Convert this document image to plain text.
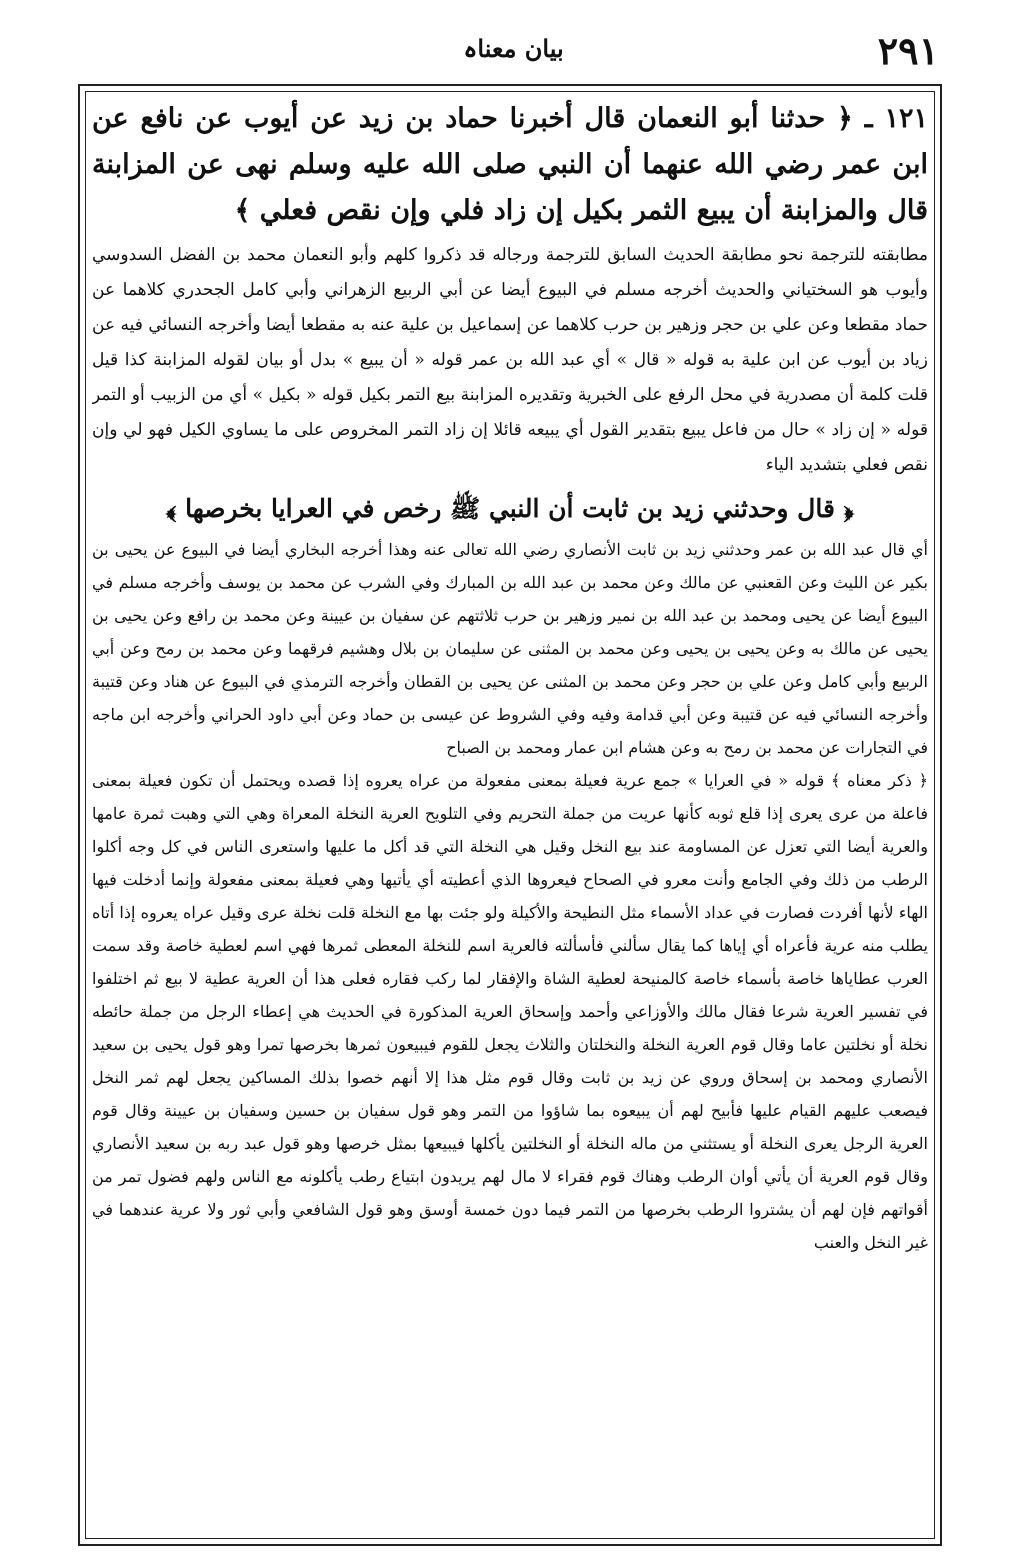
۲۹۱
بیان معناہ

۱۲۱ ـ ﴿ حدثنا أبو النعمان قال أخبرنا حماد بن زيد عن أيوب عن نافع عن ابن عمر رضي الله عنهما أن النبي صلى الله عليه وسلم نهى عن المزابنة قال والمزابنة أن يبيع الثمر بكيل إن زاد فلي وإن نقص فعلي ﴾

مطابقته للترجمة نحو مطابقة الحديث السابق للترجمة ورجاله قد ذكروا كلهم وأبو النعمان محمد بن الفضل السدوسي وأيوب هو السختياني والحديث أخرجه مسلم في البيوع أيضا عن أبي الربيع الزهراني وأبي كامل الجحدري كلاهما عن حماد مقطعا وعن علي بن حجر وزهير بن حرب كلاهما عن إسماعيل بن علية عنه به مقطعا أيضا وأخرجه النسائي فيه عن زياد بن أيوب عن ابن علية به قوله « قال » أي عبد الله بن عمر قوله « أن يبيع » بدل أو بيان لقوله المزابنة كذا قيل قلت كلمة أن مصدرية في محل الرفع على الخبرية وتقديره المزابنة بيع التمر بكيل قوله « بكيل » أي من الزبيب أو التمر قوله « إن زاد » حال من فاعل يبيع بتقدير القول أي يبيعه قائلا إن زاد التمر المخروص على ما يساوي الكيل فهو لي وإن نقص فعلي بتشديد الياء

﴿ قال وحدثني زيد بن ثابت أن النبي ﷺ رخص في العرايا بخرصها ﴾

أي قال عبد الله بن عمر وحدثني زيد بن ثابت الأنصاري رضي الله تعالى عنه وهذا أخرجه البخاري أيضا في البيوع عن يحيى بن بكير عن الليث وعن القعنبي عن مالك وعن محمد بن عبد الله بن المبارك وفي الشرب عن محمد بن يوسف وأخرجه مسلم في البيوع أيضا عن يحيى ومحمد بن عبد الله بن نمير وزهير بن حرب ثلاثتهم عن سفيان بن عيينة وعن محمد بن رافع وعن يحيى بن يحيى عن مالك به وعن يحيى بن يحيى وعن محمد بن المثنى عن سليمان بن بلال وهشيم فرقهما وعن محمد بن رمح وعن أبي الربيع وأبي كامل وعن علي بن حجر وعن محمد بن المثنى عن يحيى بن القطان وأخرجه الترمذي في البيوع عن هناد وعن قتيبة وأخرجه النسائي فيه عن قتيبة وعن أبي قدامة وفيه وفي الشروط عن عيسى بن حماد وعن أبي داود الحراني وأخرجه ابن ماجه في التجارات عن محمد بن رمح به وعن هشام ابن عمار ومحمد بن الصباح

﴿ ذكر معناه ﴾ قوله « في العرايا » جمع عرية فعيلة بمعنى مفعولة من عراه يعروه إذا قصده ويحتمل أن تكون فعيلة بمعنى فاعلة من عرى يعرى إذا قلع ثوبه كأنها عريت من جملة التحريم وفي التلويح العرية النخلة المعراة وهي التي وهبت ثمرة عامها والعرية أيضا التي تعزل عن المساومة عند بيع النخل وقيل هي النخلة التي قد أكل ما عليها واستعرى الناس في كل وجه أكلوا الرطب من ذلك وفي الجامع وأنت معرو في الصحاح فيعروها الذي أعطيته أي يأتيها وهي فعيلة بمعنى مفعولة وإنما أدخلت فيها الهاء لأنها أفردت فصارت في عداد الأسماء مثل النطيحة والأكيلة ولو جئت بها مع النخلة قلت نخلة عرى وقيل عراه يعروه إذا أتاه يطلب منه عرية فأعراه أي إياها كما يقال سألني فأسألته فالعرية اسم للنخلة المعطى ثمرها فهي اسم لعطية خاصة وقد سمت العرب عطاياها خاصة بأسماء خاصة كالمنيحة لعطية الشاة والإفقار لما ركب فقاره فعلى هذا أن العرية عطية لا بيع ثم اختلفوا في تفسير العرية شرعا فقال مالك والأوزاعي وأحمد وإسحاق العرية المذكورة في الحديث هي إعطاء الرجل من جملة حائطه نخلة أو نخلتين عاما وقال قوم العرية النخلة والنخلتان والثلاث يجعل للقوم فيبيعون ثمرها بخرصها تمرا وهو قول يحيى بن سعيد الأنصاري ومحمد بن إسحاق وروي عن زيد بن ثابت وقال قوم مثل هذا إلا أنهم خصوا بذلك المساكين يجعل لهم ثمر النخل فيصعب عليهم القيام عليها فأبيح لهم أن يبيعوه بما شاؤوا من التمر وهو قول سفيان بن حسين وسفيان بن عيينة وقال قوم العرية الرجل يعرى النخلة أو يستثني من ماله النخلة أو النخلتين يأكلها فيبيعها بمثل خرصها وهو قول عبد ربه بن سعيد الأنصاري وقال قوم العرية أن يأتي أوان الرطب وهناك قوم فقراء لا مال لهم يريدون ابتياع رطب يأكلونه مع الناس ولهم فضول تمر من أقواتهم فإن لهم أن يشتروا الرطب بخرصها من التمر فيما دون خمسة أوسق وهو قول الشافعي وأبي ثور ولا عرية عندهما في غير النخل والعنب
